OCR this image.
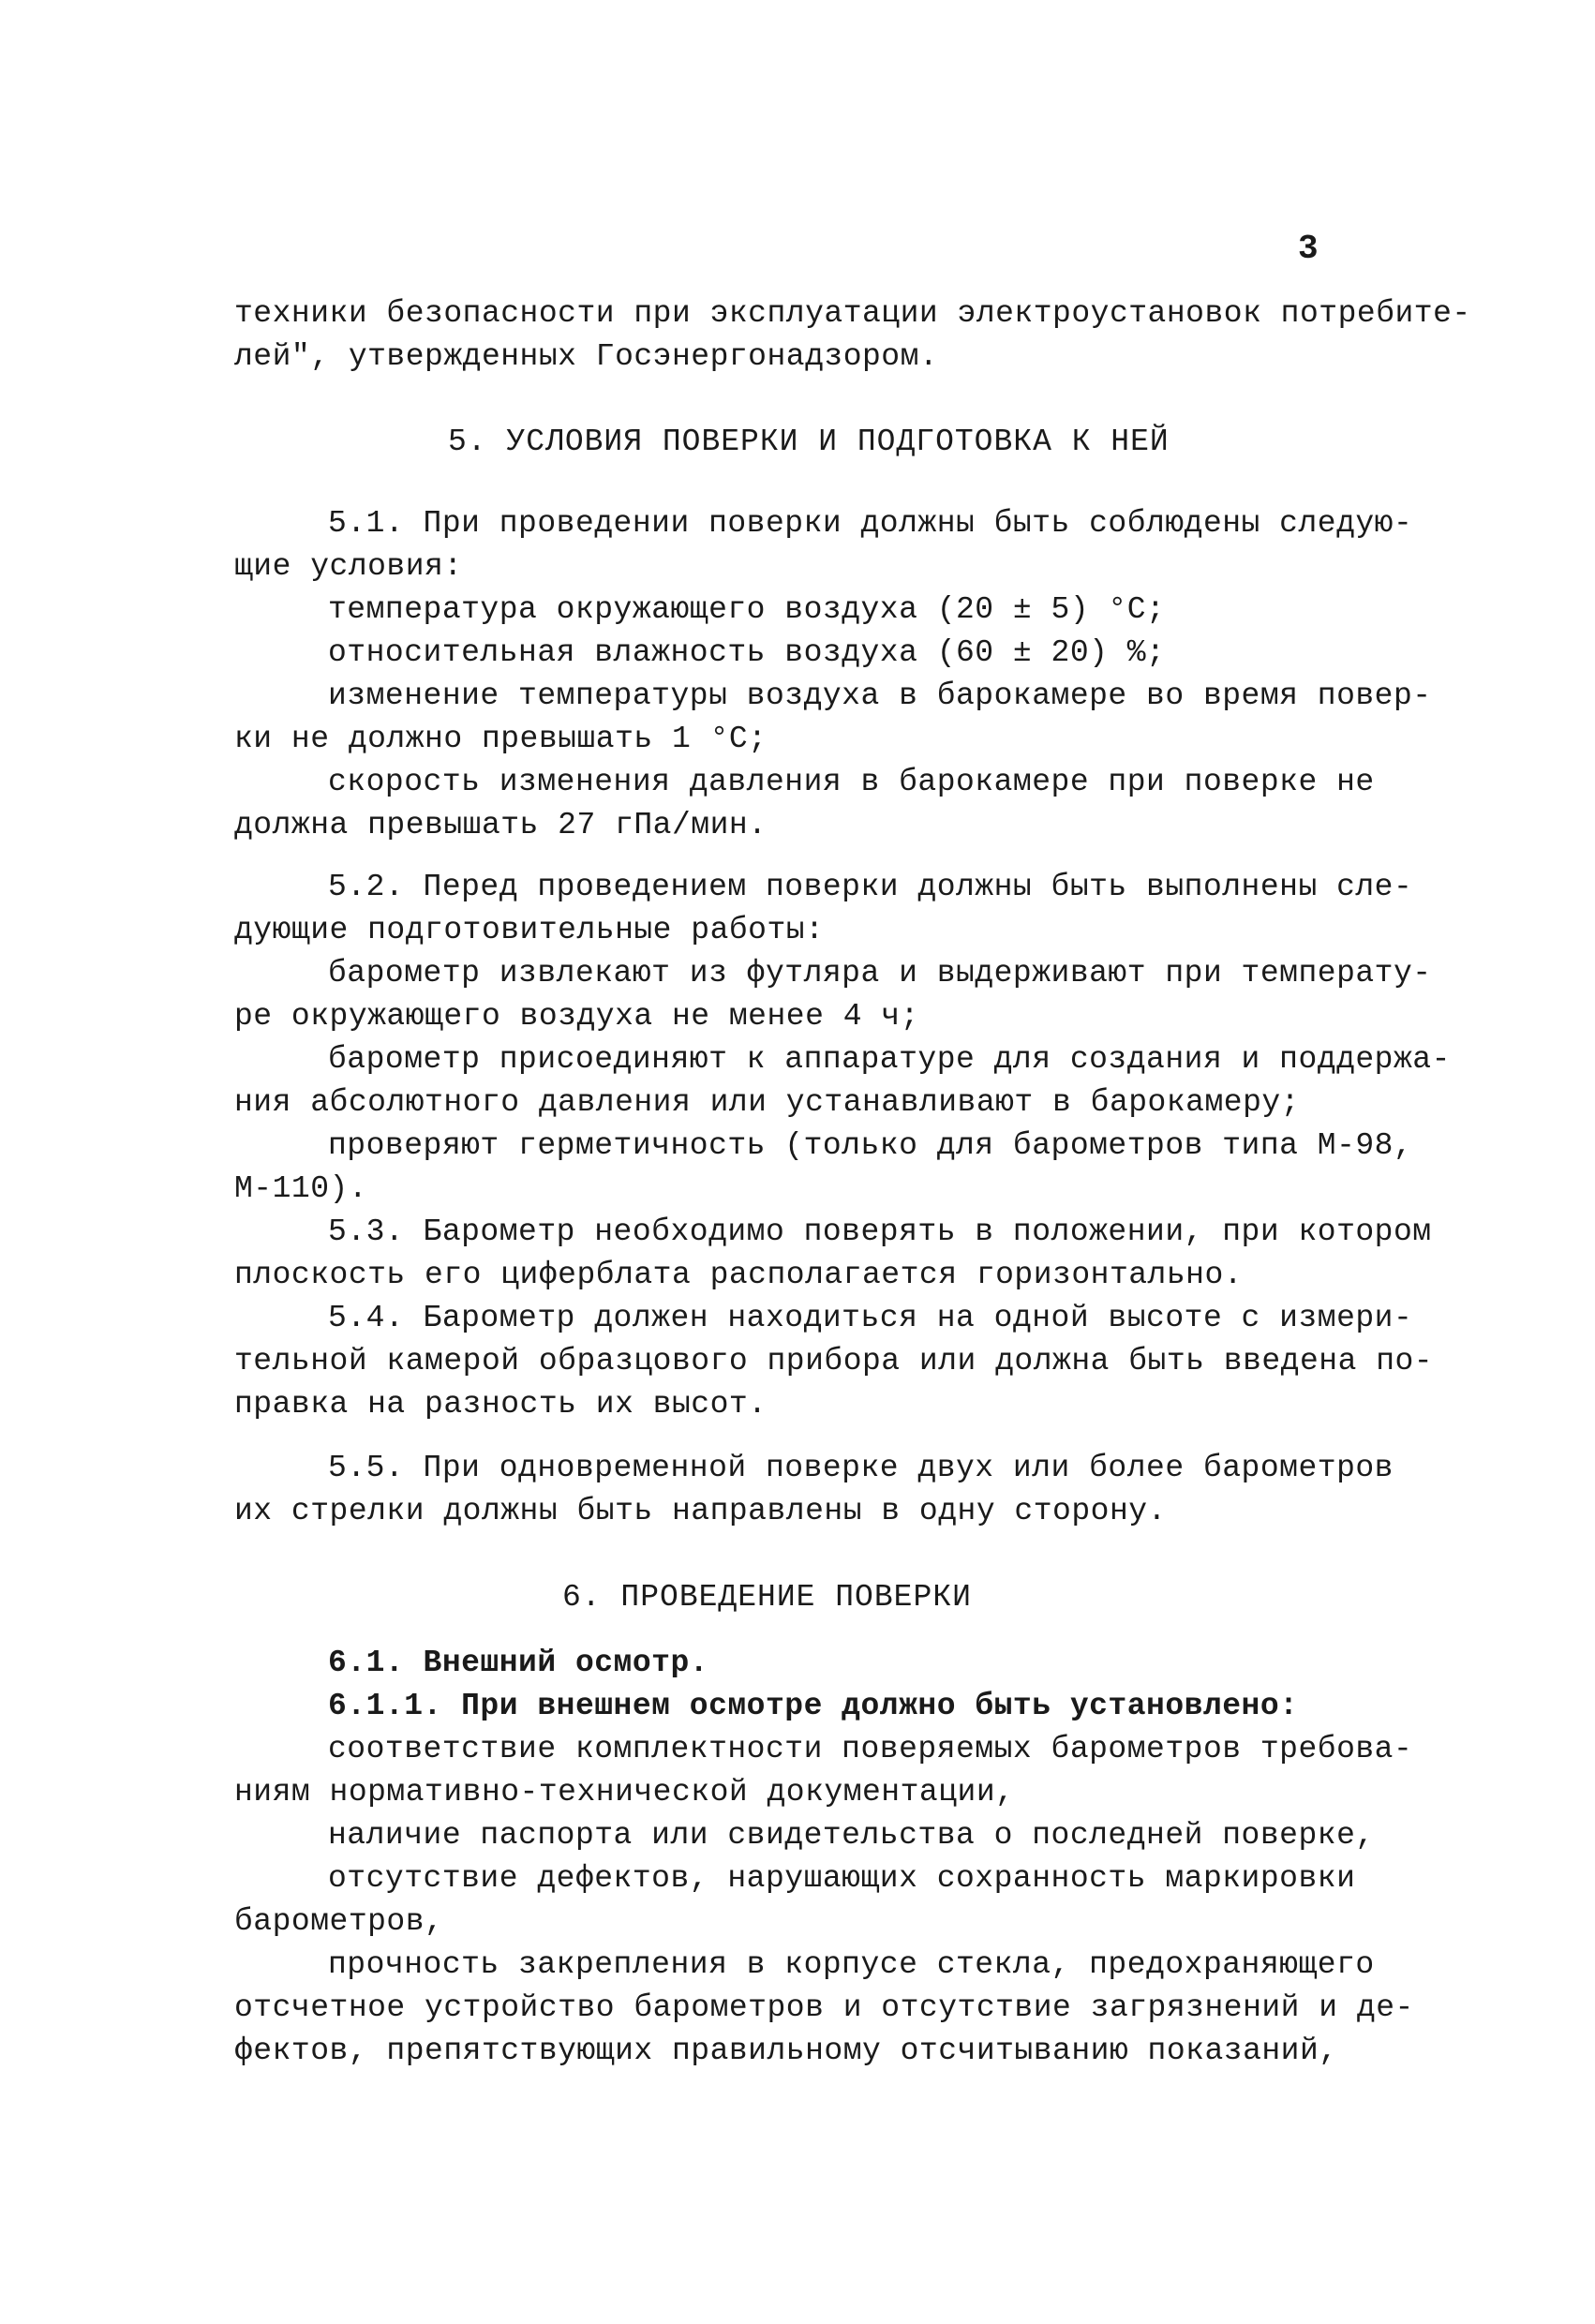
3
техники безопасности при эксплуатации электроустановок потребите-
лей", утвержденных Госэнергонадзором.
5. УСЛОВИЯ ПОВЕРКИ И ПОДГОТОВКА К НЕЙ
5.1. При проведении поверки должны быть соблюдены следую-
щие условия:
температура окружающего воздуха (20 ± 5) °С;
относительная влажность воздуха (60 ± 20) %;
изменение температуры воздуха в барокамере во время повер-
ки не должно превышать 1 °С;
скорость изменения давления в барокамере при поверке не
должна превышать 27 гПа/мин.
5.2. Перед проведением поверки должны быть выполнены сле-
дующие подготовительные работы:
барометр извлекают из футляра и выдерживают при температу-
ре окружающего воздуха не менее 4 ч;
барометр присоединяют к аппаратуре для создания и поддержа-
ния абсолютного давления или устанавливают в барокамеру;
проверяют герметичность (только для барометров типа М-98,
М-110).
5.3. Барометр необходимо поверять в положении, при котором
плоскость его циферблата располагается горизонтально.
5.4. Барометр должен находиться на одной высоте с измери-
тельной камерой образцового прибора или должна быть введена по-
правка на разность их высот.
5.5. При одновременной поверке двух или более барометров
их стрелки должны быть направлены в одну сторону.
6. ПРОВЕДЕНИЕ ПОВЕРКИ
6.1. Внешний осмотр.
6.1.1. При внешнем осмотре должно быть установлено:
соответствие комплектности поверяемых барометров требова-
ниям нормативно-технической документации,
наличие паспорта или свидетельства о последней поверке,
отсутствие дефектов, нарушающих сохранность маркировки
барометров,
прочность закрепления в корпусе стекла, предохраняющего
отсчетное устройство барометров и отсутствие загрязнений и де-
фектов, препятствующих правильному отсчитыванию показаний,
